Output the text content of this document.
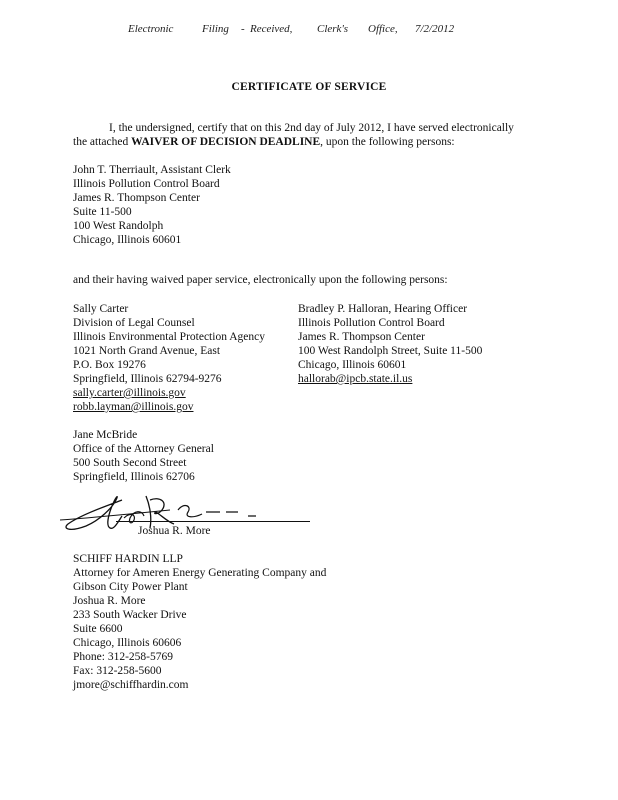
Electronic	Filing - Received, Clerk's Office, 7/2/2012
CERTIFICATE OF SERVICE
I, the undersigned, certify that on this 2nd day of July 2012, I have served electronically
the attached WAIVER OF DECISION DEADLINE, upon the following persons:
John T. Therriault, Assistant Clerk
Illinois Pollution Control Board
James R. Thompson Center
Suite 11-500
100 West Randolph
Chicago, Illinois 60601
and their having waived paper service, electronically upon the following persons:
Sally Carter
Division of Legal Counsel
Illinois Environmental Protection Agency
1021 North Grand Avenue, East
P.O. Box 19276
Springfield, Illinois 62794-9276
sally.carter@illinois.gov
robb.layman@illinois.gov
Bradley P. Halloran, Hearing Officer
Illinois Pollution Control Board
James R. Thompson Center
100 West Randolph Street, Suite 11-500
Chicago, Illinois 60601
hallorab@ipcb.state.il.us
Jane McBride
Office of the Attorney General
500 South Second Street
Springfield, Illinois 62706
Joshua R. More
SCHIFF HARDIN LLP
Attorney for Ameren Energy Generating Company and
Gibson City Power Plant
Joshua R. More
233 South Wacker Drive
Suite 6600
Chicago, Illinois 60606
Phone: 312-258-5769
Fax: 312-258-5600
jmore@schiffhardin.com
